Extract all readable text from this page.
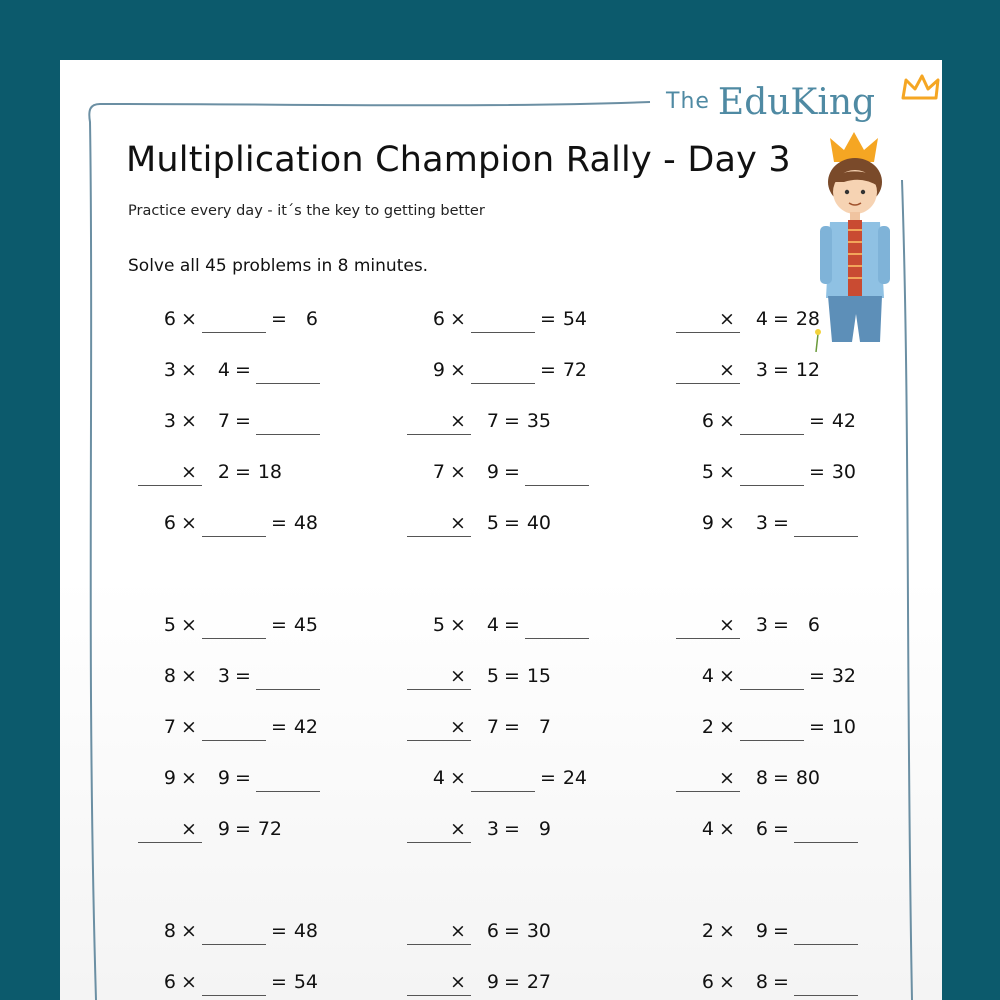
The EduKing
Multiplication Champion Rally - Day 3
Practice every day - it´s the key to getting better
Solve all 45 problems in 8 minutes.
6 ×	= 6
3 ×	4 =
3 ×	7 =
×	2 = 18
6 ×	= 48
5 ×	= 45
8 ×	3 =
7 ×	= 42
9 ×	9 =
×	9 = 72
8 ×	= 48
6 ×	= 54
6 ×	= 54
9 ×	= 72
×	7 = 35
7 ×	9 =
×	5 = 40
5 ×	4 =
×	5 = 15
×	7 = 7
4 ×	= 24
×	3 = 9
×	6 = 30
×	9 = 27
×	4 = 28
×	3 = 12
6 ×	= 42
5 ×	= 30
9 ×	3 =
×	3 = 6
4 ×	= 32
2 ×	= 10
×	8 = 80
4 ×	6 =
2 ×	9 =
6 ×	8 =
